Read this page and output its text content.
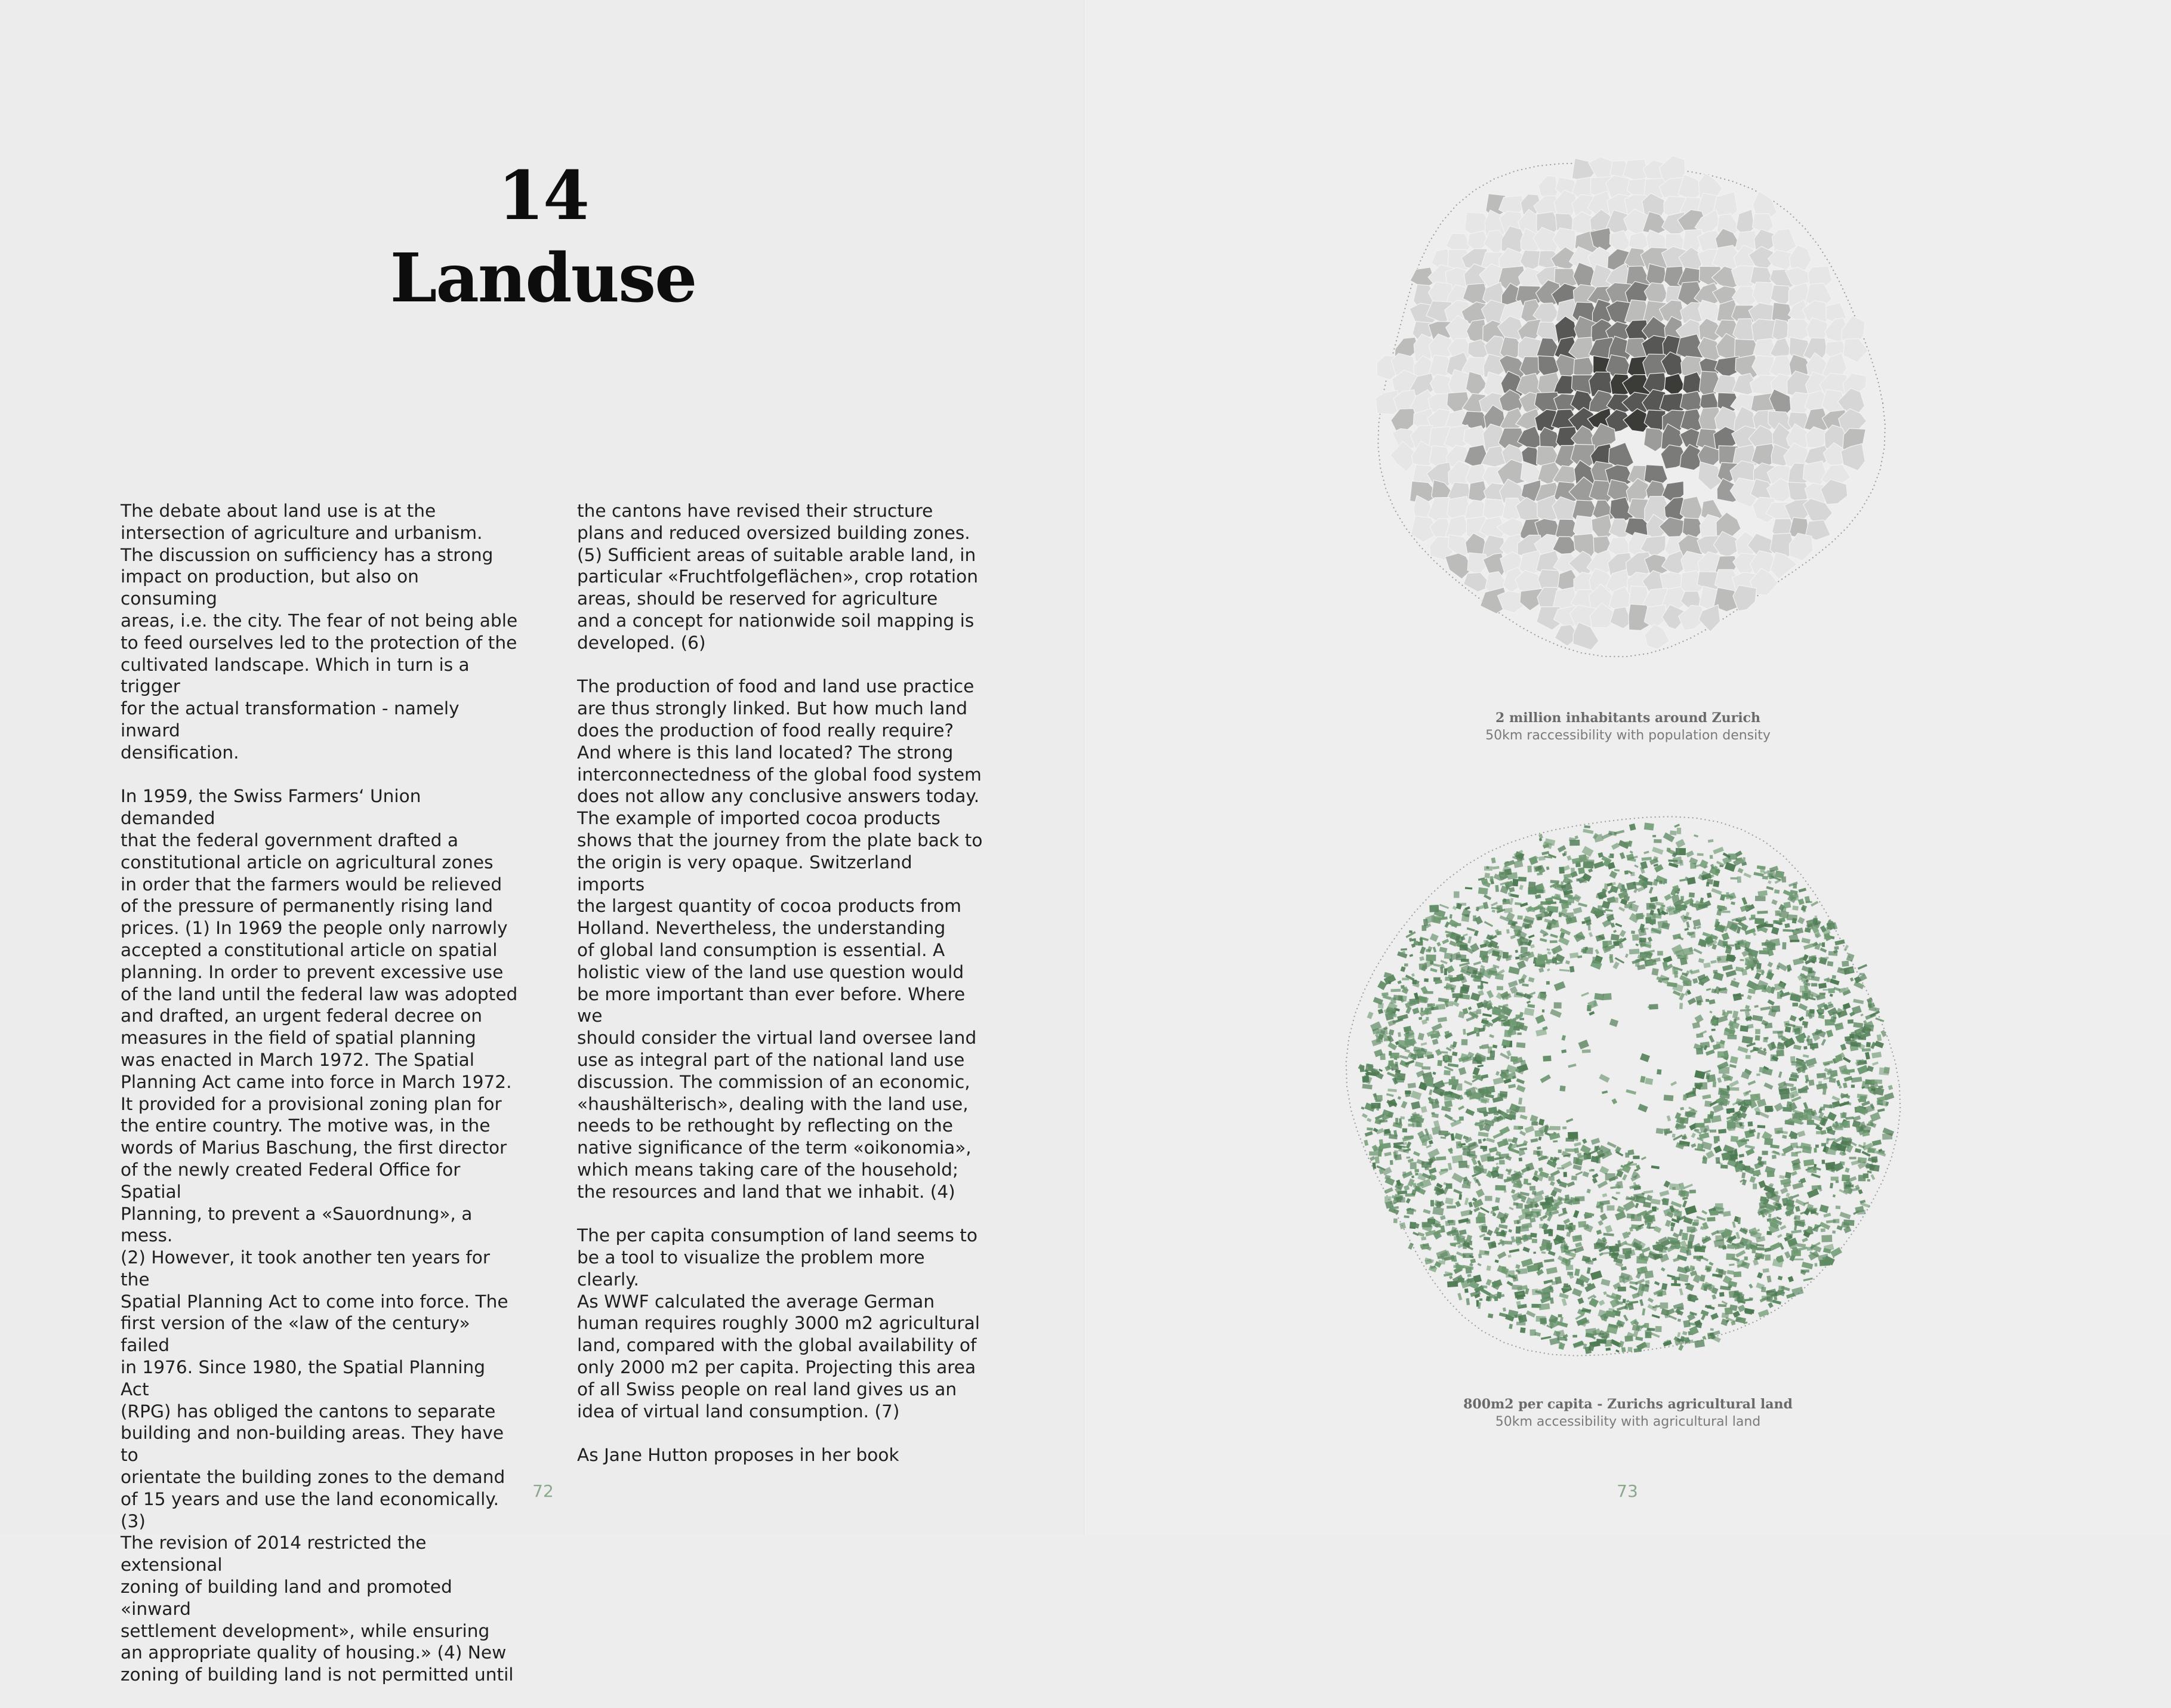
14
Landuse

The debate about land use is at the
intersection of agriculture and urbanism.
The discussion on sufficiency has a strong
impact on production, but also on consuming
areas, i.e. the city. The fear of not being able
to feed ourselves led to the protection of the
cultivated landscape. Which in turn is a trigger
for the actual transformation - namely inward
densification.

In 1959, the Swiss Farmers‘ Union demanded
that the federal government drafted a
constitutional article on agricultural zones
in order that the farmers would be relieved
of the pressure of permanently rising land
prices. (1) In 1969 the people only narrowly
accepted a constitutional article on spatial
planning. In order to prevent excessive use
of the land until the federal law was adopted
and drafted, an urgent federal decree on
measures in the field of spatial planning
was enacted in March 1972. The Spatial
Planning Act came into force in March 1972.
It provided for a provisional zoning plan for
the entire country. The motive was, in the
words of Marius Baschung, the first director
of the newly created Federal Office for Spatial
Planning, to prevent a «Sauordnung», a mess.
(2) However, it took another ten years for the
Spatial Planning Act to come into force. The
first version of the «law of the century» failed
in 1976. Since 1980, the Spatial Planning Act
(RPG) has obliged the cantons to separate
building and non-building areas. They have to
orientate the building zones to the demand
of 15 years and use the land economically. (3)
The revision of 2014 restricted the extensional
zoning of building land and promoted «inward
settlement development», while ensuring
an appropriate quality of housing.» (4) New
zoning of building land is not permitted until

the cantons have revised their structure
plans and reduced oversized building zones.
(5) Sufficient areas of suitable arable land, in
particular «Fruchtfolgeflächen», crop rotation
areas, should be reserved for agriculture
and a concept for nationwide soil mapping is
developed. (6)

The production of food and land use practice
are thus strongly linked. But how much land
does the production of food really require?
And where is this land located? The strong
interconnectedness of the global food system
does not allow any conclusive answers today.
The example of imported cocoa products
shows that the journey from the plate back to
the origin is very opaque. Switzerland imports
the largest quantity of cocoa products from
Holland. Nevertheless, the understanding
of global land consumption is essential. A
holistic view of the land use question would
be more important than ever before. Where we
should consider the virtual land oversee land
use as integral part of the national land use
discussion. The commission of an economic,
«haushälterisch», dealing with the land use,
needs to be rethought by reflecting on the
native significance of the term «oikonomia»,
which means taking care of the household;
the resources and land that we inhabit. (4)

The per capita consumption of land seems to
be a tool to visualize the problem more clearly.
As WWF calculated the average German
human requires roughly 3000 m2 agricultural
land, compared with the global availability of
only 2000 m2 per capita. Projecting this area
of all Swiss people on real land gives us an
idea of virtual land consumption. (7)

As Jane Hutton proposes in her book

72
2 million inhabitants around Zurich
50km raccessibility with population density
800m2 per capita - Zurichs agricultural land
50km accessibility with agricultural land
73
